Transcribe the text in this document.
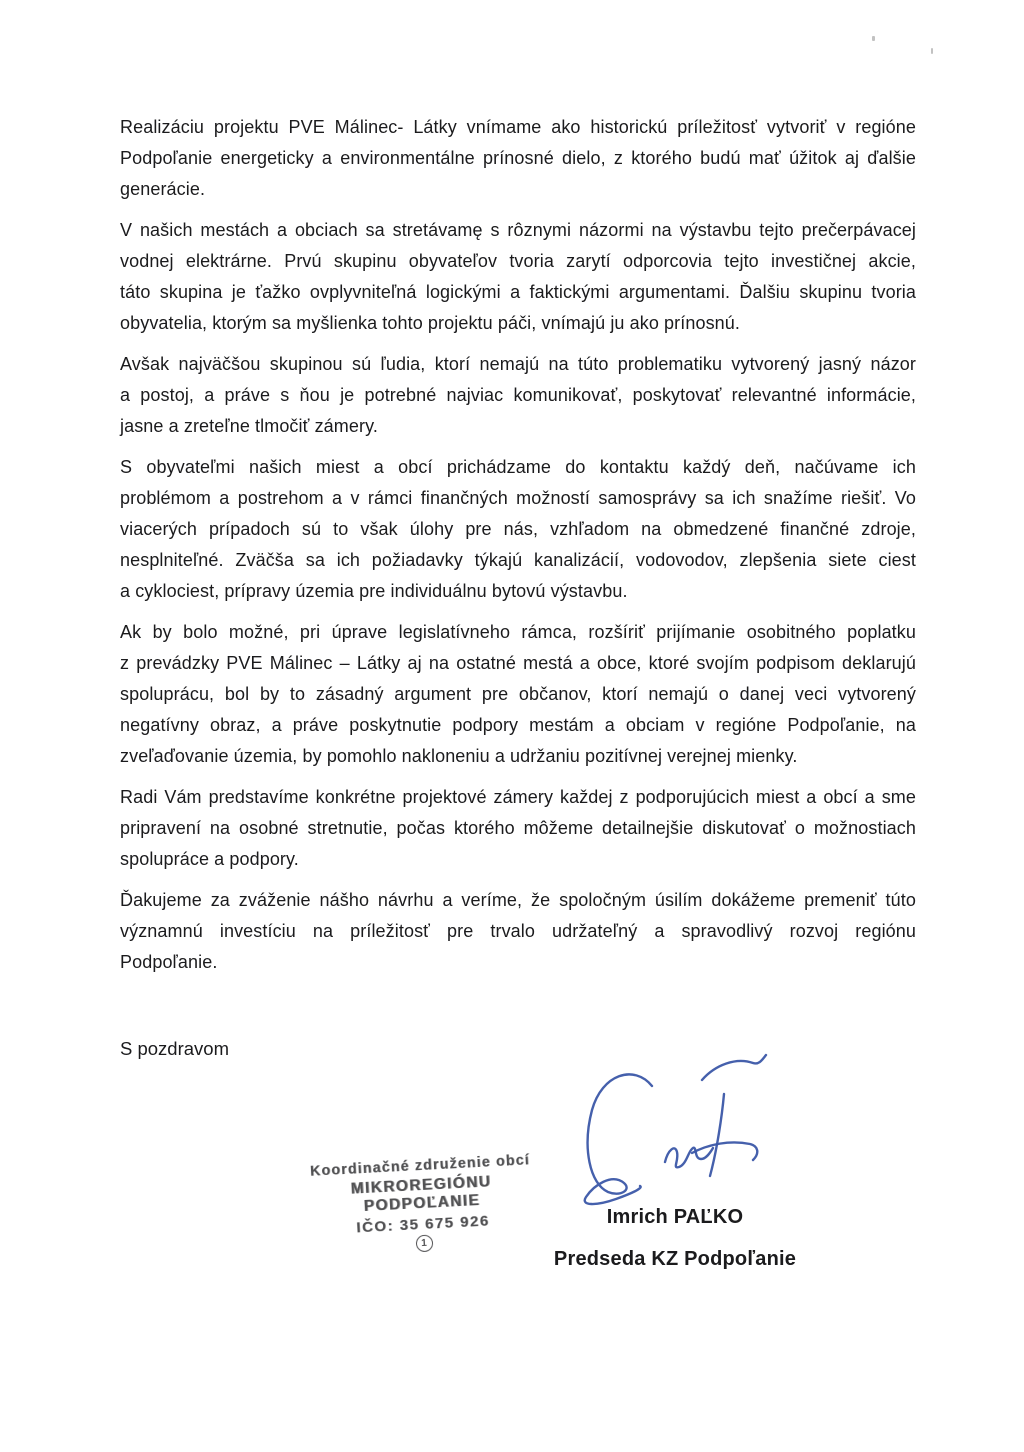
Realizáciu projektu PVE Málinec- Látky vnímame ako historickú príležitosť vytvoriť v regióne
Podpoľanie energeticky a environmentálne prínosné dielo, z ktorého budú mať úžitok aj ďalšie
generácie.

V našich mestách a obciach sa stretávamę s rôznymi názormi na výstavbu tejto prečerpávacej
vodnej elektrárne. Prvú skupinu obyvateľov tvoria zarytí odporcovia tejto investičnej akcie,
táto skupina je ťažko ovplyvniteľná logickými a faktickými argumentami. Ďalšiu skupinu tvoria
obyvatelia, ktorým sa myšlienka tohto projektu páči, vnímajú ju ako prínosnú.

Avšak najväčšou skupinou sú ľudia, ktorí nemajú na túto problematiku vytvorený jasný názor
a postoj, a práve s ňou je potrebné najviac komunikovať, poskytovať relevantné informácie,
jasne a zreteľne tlmočiť zámery.

S obyvateľmi našich miest a obcí prichádzame do kontaktu každý deň, načúvame ich
problémom a postrehom a v rámci finančných možností samosprávy sa ich snažíme riešiť. Vo
viacerých prípadoch sú to však úlohy pre nás, vzhľadom na obmedzené finančné zdroje,
nesplniteľné. Zväčša sa ich požiadavky týkajú kanalizácií, vodovodov, zlepšenia siete ciest
a cyklociest, prípravy územia pre individuálnu bytovú výstavbu.

Ak by bolo možné, pri úprave legislatívneho rámca, rozšíriť prijímanie osobitného poplatku
z prevádzky PVE Málinec – Látky aj na ostatné mestá a obce, ktoré svojím podpisom deklarujú
spoluprácu, bol by to zásadný argument pre občanov, ktorí nemajú o danej veci vytvorený
negatívny obraz, a práve poskytnutie podpory mestám a obciam v regióne Podpoľanie, na
zveľaďovanie územia, by pomohlo nakloneniu a udržaniu pozitívnej verejnej mienky.

Radi Vám predstavíme konkrétne projektové zámery každej z podporujúcich miest a obcí a sme
pripravení na osobné stretnutie, počas ktorého môžeme detailnejšie diskutovať o možnostiach
spolupráce a podpory.

Ďakujeme za zváženie nášho návrhu a veríme, že spoločným úsilím dokážeme premeniť túto
významnú investíciu na príležitosť pre trvalo udržateľný a spravodlivý rozvoj regiónu
Podpoľanie.

S pozdravom
Koordinačné združenie obcí
MIKROREGIÓNU PODPOĽANIE
IČO: 35 675 926
1
Imrich PAĽKO
Predseda KZ Podpoľanie
